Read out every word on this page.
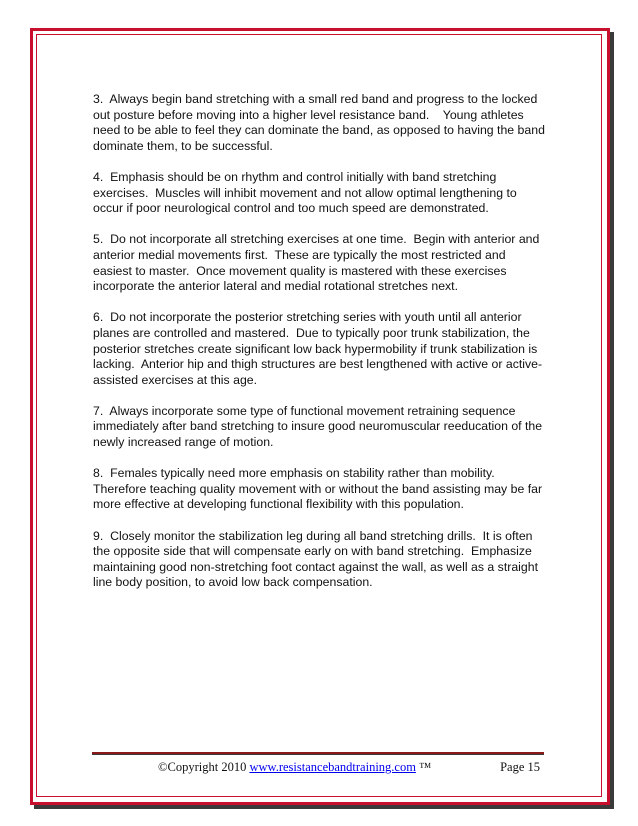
3.  Always begin band stretching with a small red band and progress to the locked out posture before moving into a higher level resistance band.    Young athletes need to be able to feel they can dominate the band, as opposed to having the band dominate them, to be successful.

4.  Emphasis should be on rhythm and control initially with band stretching exercises.  Muscles will inhibit movement and not allow optimal lengthening to occur if poor neurological control and too much speed are demonstrated.

5.  Do not incorporate all stretching exercises at one time.  Begin with anterior and anterior medial movements first.  These are typically the most restricted and easiest to master.  Once movement quality is mastered with these exercises incorporate the anterior lateral and medial rotational stretches next.

6.  Do not incorporate the posterior stretching series with youth until all anterior planes are controlled and mastered.  Due to typically poor trunk stabilization, the posterior stretches create significant low back hypermobility if trunk stabilization is lacking.  Anterior hip and thigh structures are best lengthened with active or active-assisted exercises at this age.

7.  Always incorporate some type of functional movement retraining sequence immediately after band stretching to insure good neuromuscular reeducation of the newly increased range of motion.

8.  Females typically need more emphasis on stability rather than mobility. Therefore teaching quality movement with or without the band assisting may be far more effective at developing functional flexibility with this population.

9.  Closely monitor the stabilization leg during all band stretching drills.  It is often the opposite side that will compensate early on with band stretching.  Emphasize maintaining good non-stretching foot contact against the wall, as well as a straight line body position, to avoid low back compensation.

©Copyright 2010 www.resistancebandtraining.com ™	Page 15
